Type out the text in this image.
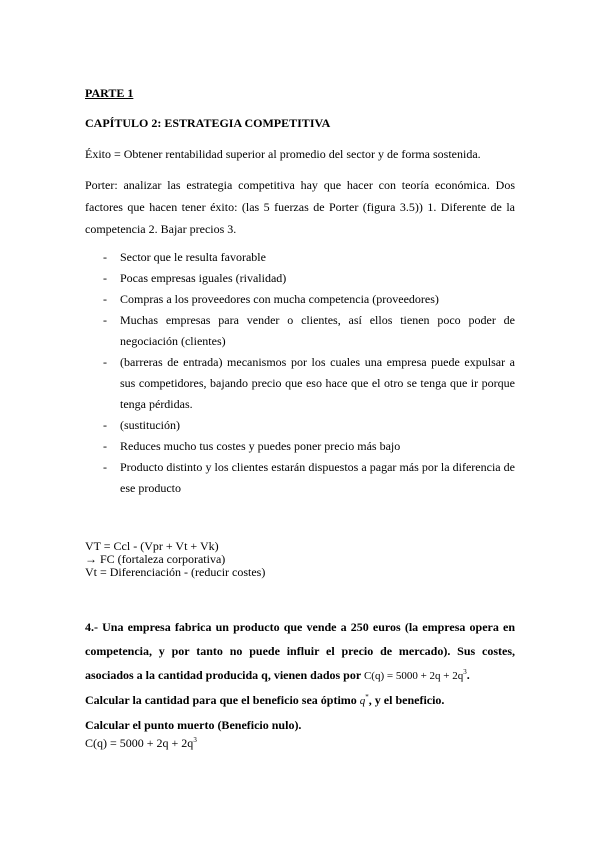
PARTE 1

CAPÍTULO 2: ESTRATEGIA COMPETITIVA

Éxito = Obtener rentabilidad superior al promedio del sector y de forma sostenida.

Porter: analizar las estrategia competitiva hay que hacer con teoría económica. Dos factores que hacen tener éxito: (las 5 fuerzas de Porter (figura 3.5)) 1. Diferente de la competencia 2. Bajar precios 3.

- Sector que le resulta favorable
- Pocas empresas iguales (rivalidad)
- Compras a los proveedores con mucha competencia (proveedores)
- Muchas empresas para vender o clientes, así ellos tienen poco poder de negociación (clientes)
- (barreras de entrada) mecanismos por los cuales una empresa puede expulsar a sus competidores, bajando precio que eso hace que el otro se tenga que ir porque tenga pérdidas.
- (sustitución)
- Reduces mucho tus costes y puedes poner precio más bajo
- Producto distinto y los clientes estarán dispuestos a pagar más por la diferencia de ese producto
VT = Ccl - (Vpr + Vt + Vk)
→ FC (fortaleza corporativa)
Vt = Diferenciación - (reducir costes)
4.- Una empresa fabrica un producto que vende a 250 euros (la empresa opera en competencia, y por tanto no puede influir el precio de mercado). Sus costes, asociados a la cantidad producida q, vienen dados por $C(q) = 5000 + 2q + 2q^3$.
Calcular la cantidad para que el beneficio sea óptimo q*, y el beneficio.
Calcular el punto muerto (Beneficio nulo).
$C(q) = 5000 + 2q + 2q^3$
